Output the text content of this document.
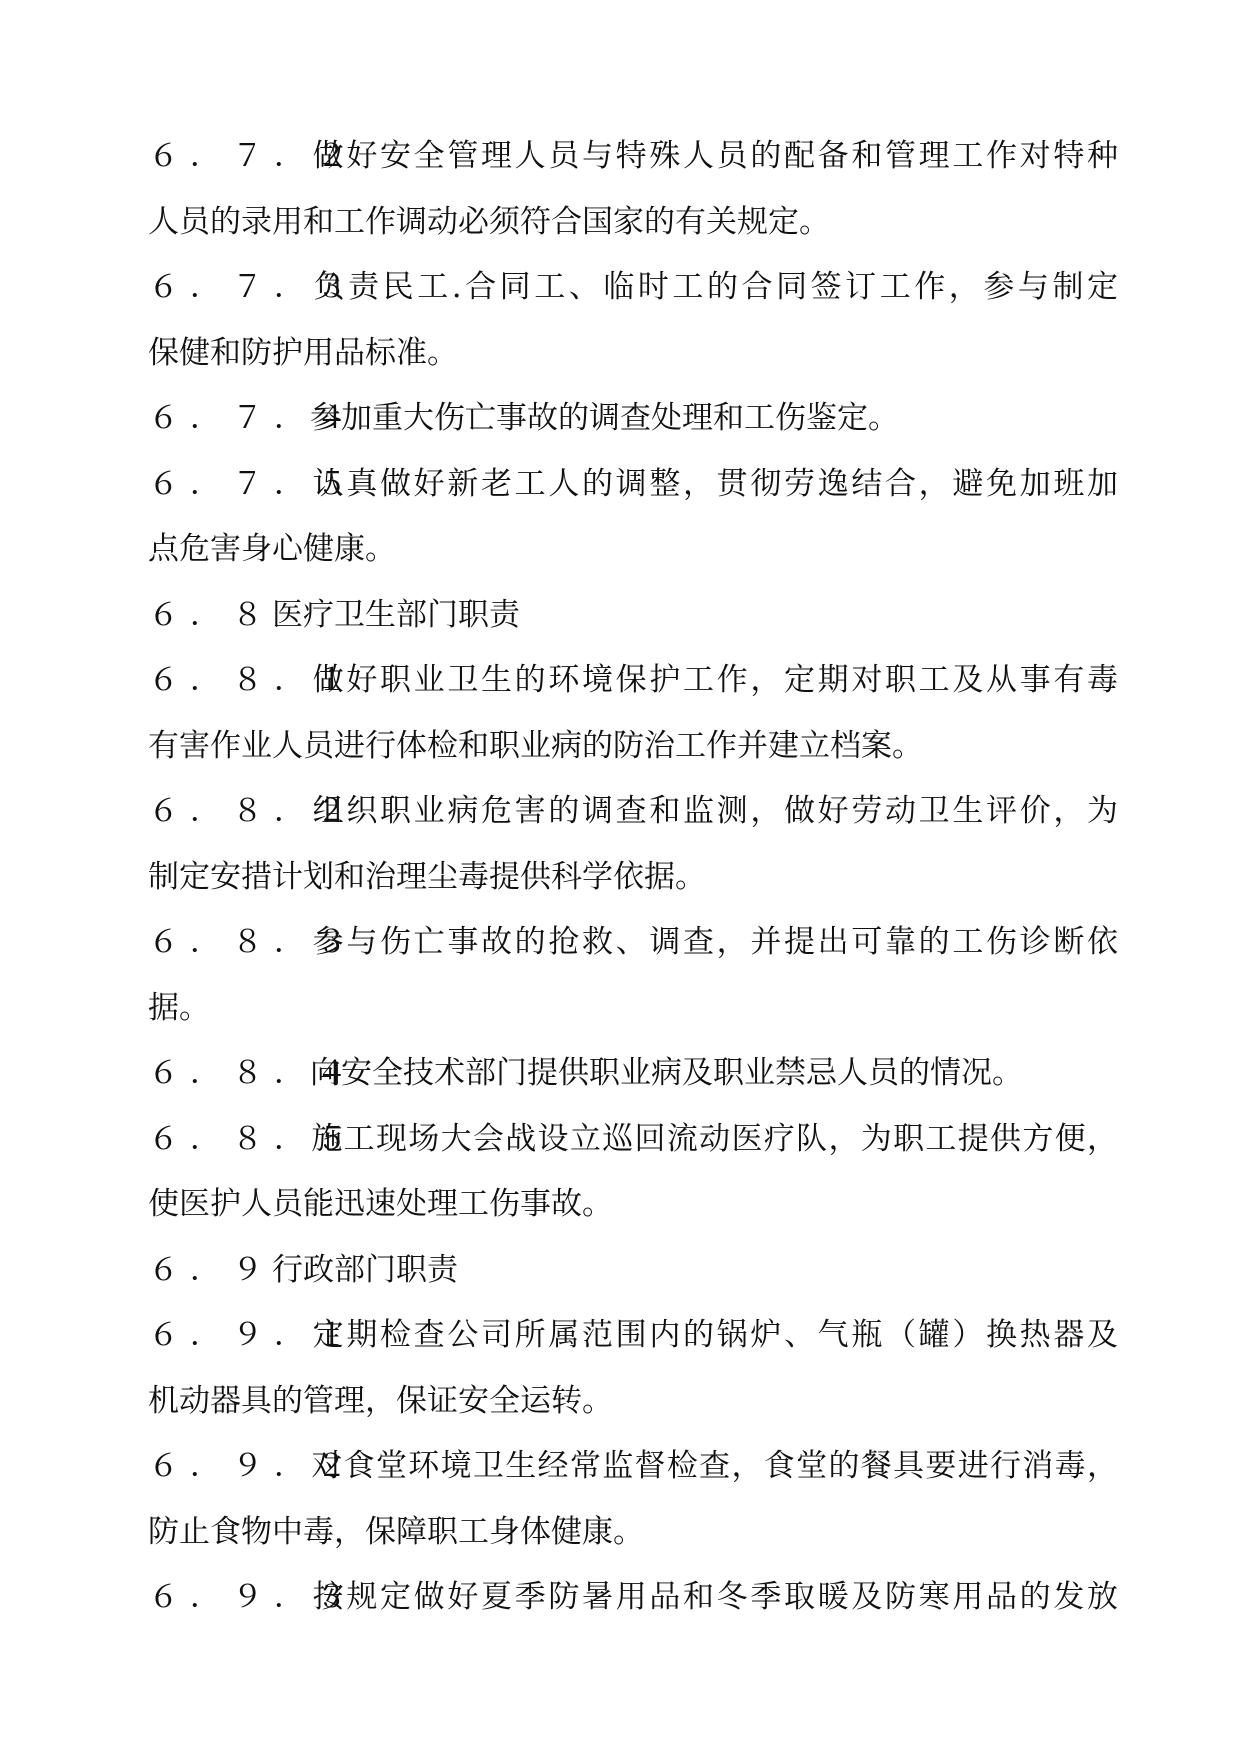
６．７．２做好安全管理人员与特殊人员的配备和管理工作对特种
人员的录用和工作调动必须符合国家的有关规定。
６．７．３负责民工.合同工、临时工的合同签订工作，参与制定
保健和防护用品标准。
６．７．４参加重大伤亡事故的调查处理和工伤鉴定。
６．７．５认真做好新老工人的调整，贯彻劳逸结合，避免加班加
点危害身心健康。
６．８医疗卫生部门职责
６．８．１做好职业卫生的环境保护工作，定期对职工及从事有毒
有害作业人员进行体检和职业病的防治工作并建立档案。
６．８．２组织职业病危害的调查和监测，做好劳动卫生评价，为
制定安措计划和治理尘毒提供科学依据。
６．８．３参与伤亡事故的抢救、调查，并提出可靠的工伤诊断依
据。
６．８．４向安全技术部门提供职业病及职业禁忌人员的情况。
６．８．５施工现场大会战设立巡回流动医疗队，为职工提供方便，
使医护人员能迅速处理工伤事故。
６．９行政部门职责
６．９．１定期检查公司所属范围内的锅炉、气瓶（罐）换热器及
机动器具的管理，保证安全运转。
６．９．２对食堂环境卫生经常监督检查，食堂的餐具要进行消毒，
防止食物中毒，保障职工身体健康。
６．９．３按规定做好夏季防暑用品和冬季取暖及防寒用品的发放
